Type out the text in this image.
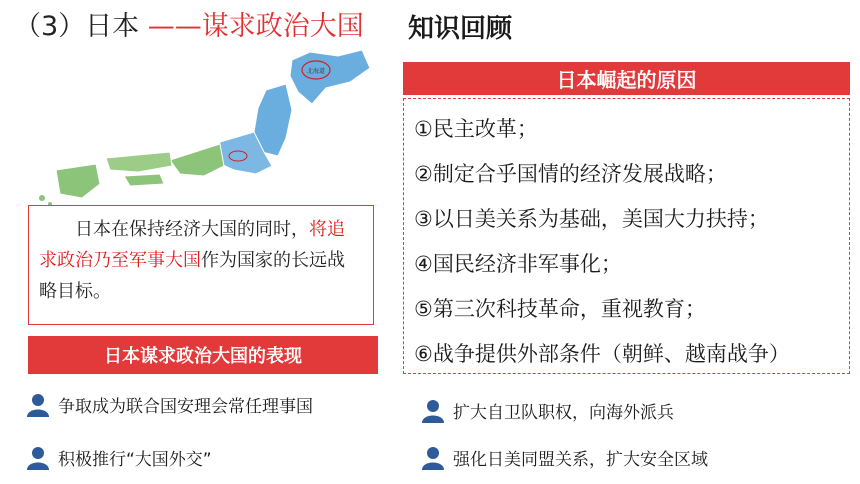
（3）日本 ——谋求政治大国 知识回顾
北海道
  日本在保持经济大国的同时，将追求政治乃至军事大国作为国家的长远战略目标。
日本谋求政治大国的表现
日本崛起的原因
①民主改革；
②制定合乎国情的经济发展战略；
③以日美关系为基础，美国大力扶持；
④国民经济非军事化；
⑤第三次科技革命，重视教育；
⑥战争提供外部条件（朝鲜、越南战争）
争取成为联合国安理会常任理事国
积极推行“大国外交”
扩大自卫队职权，向海外派兵
强化日美同盟关系，扩大安全区域
